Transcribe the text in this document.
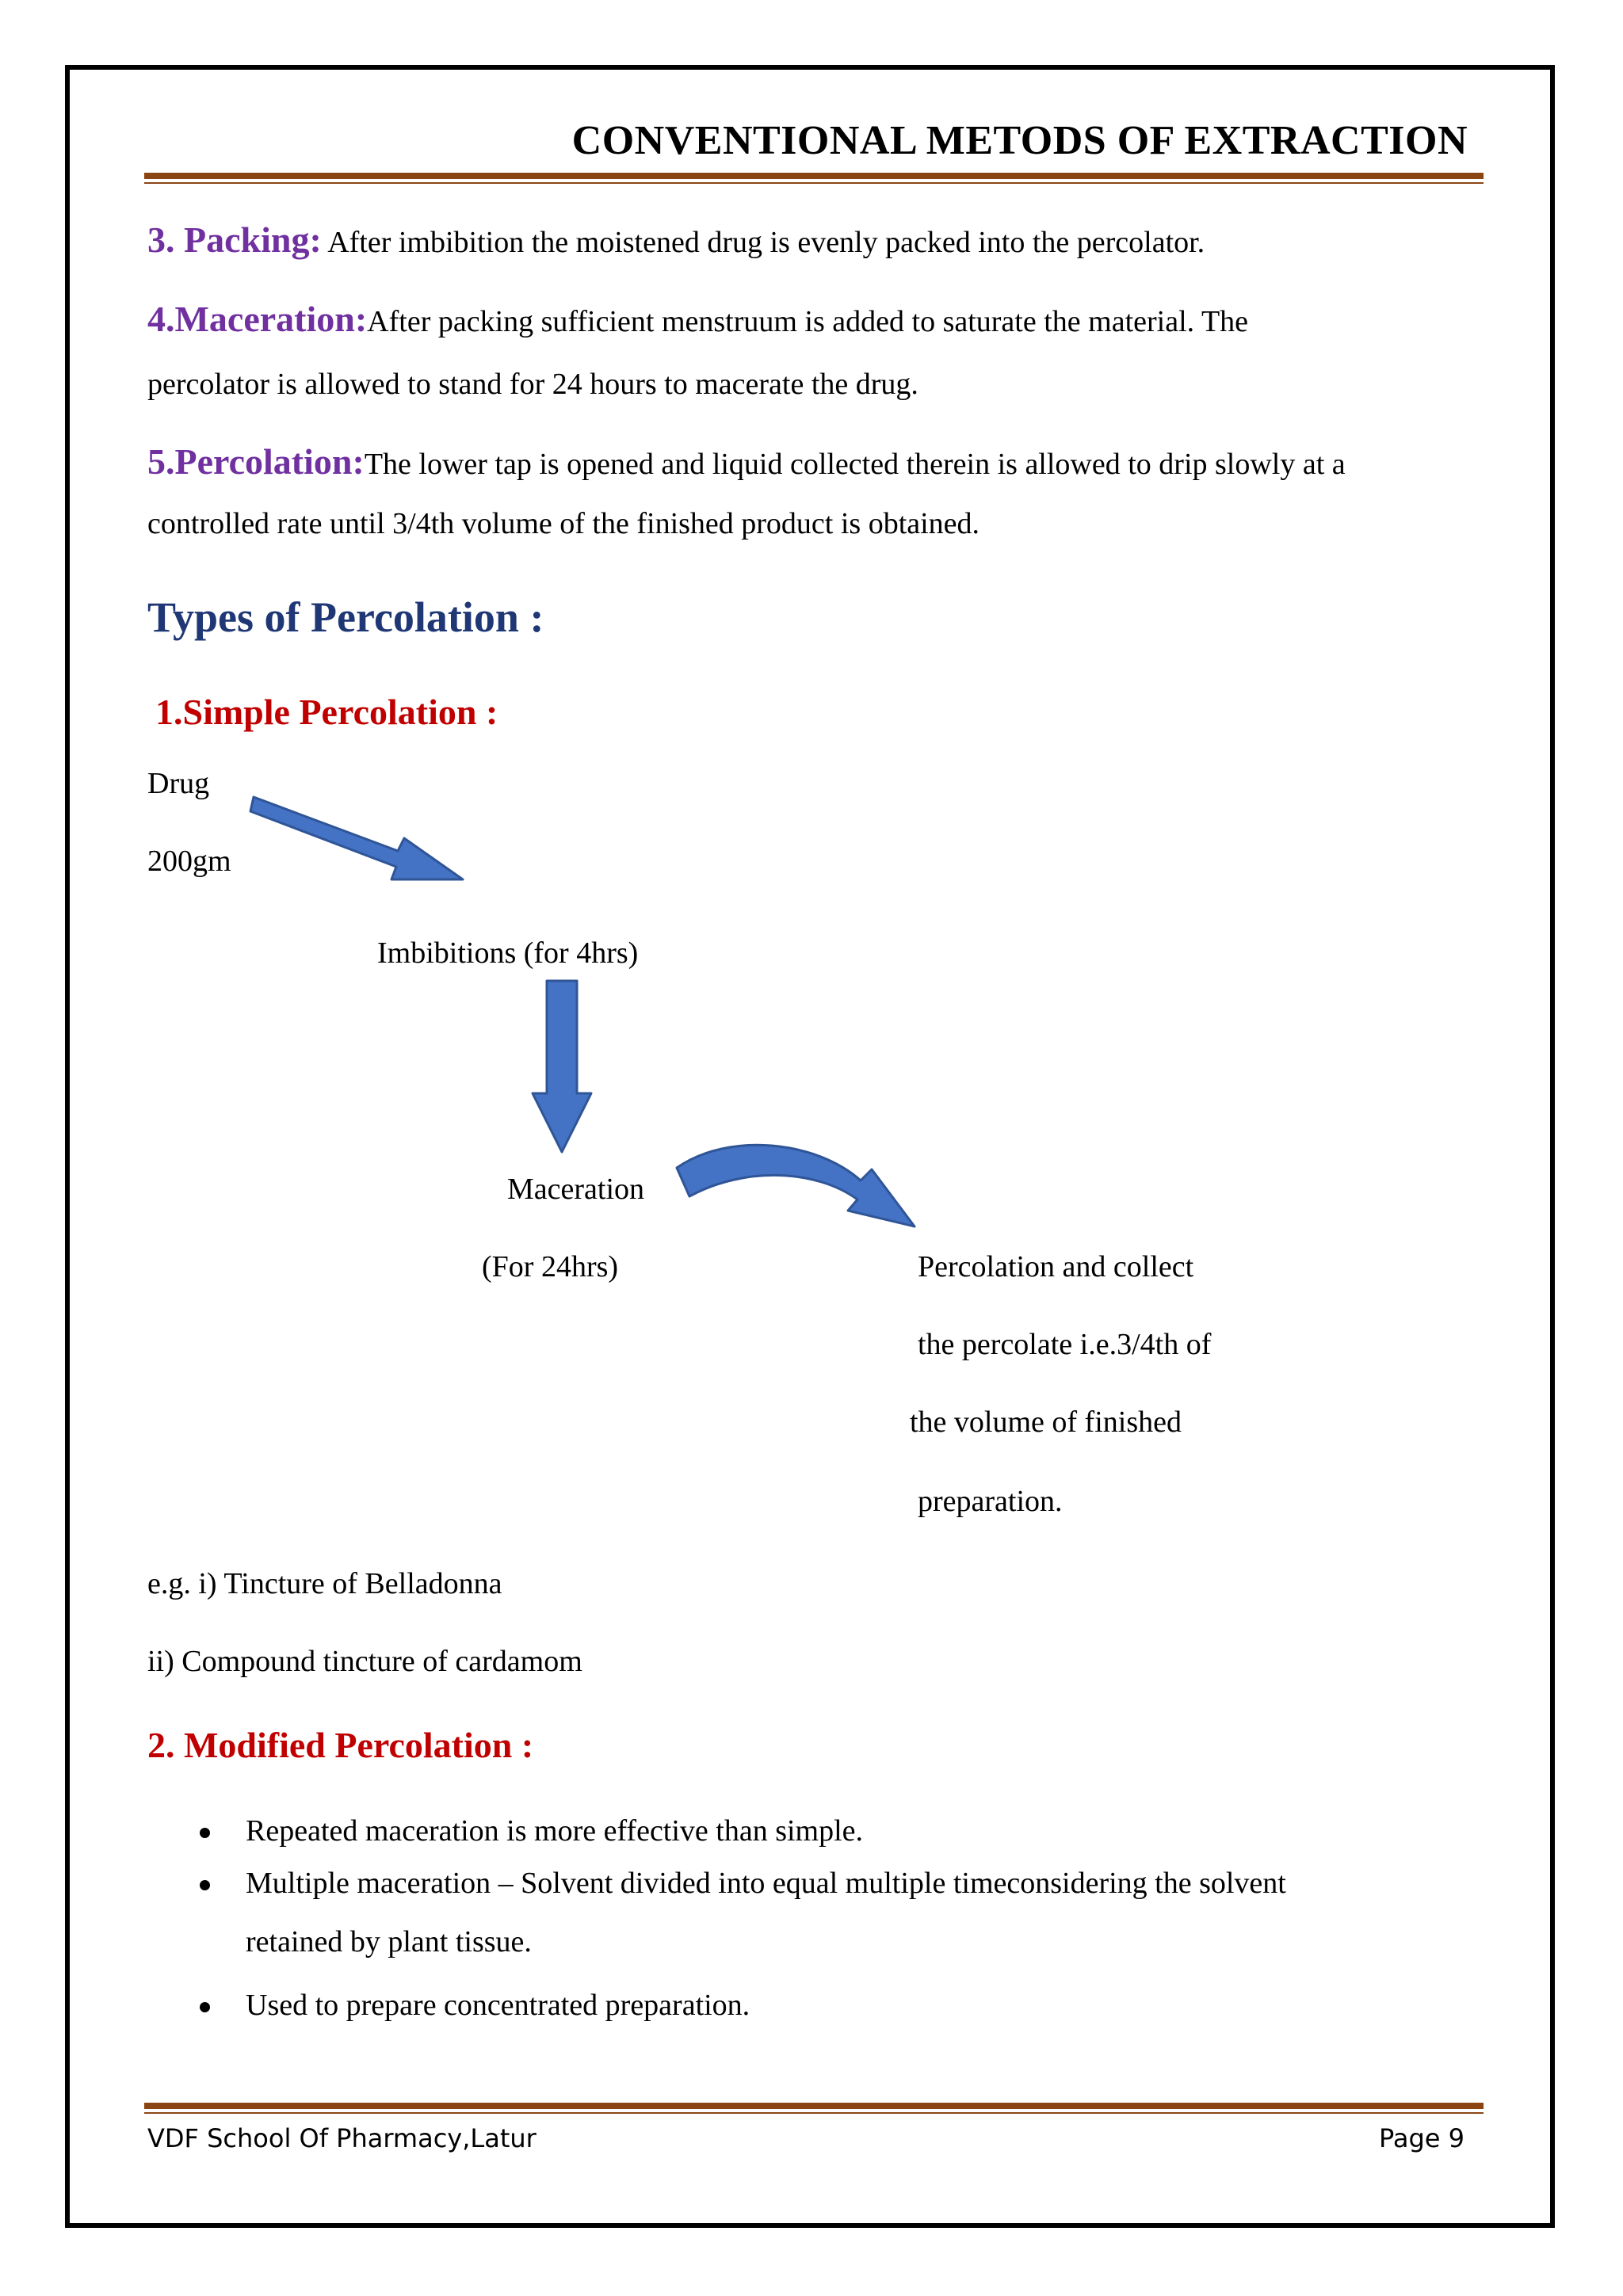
CONVENTIONAL METODS OF EXTRACTION
3. Packing: After imbibition the moistened drug is evenly packed into the percolator.
4.Maceration:After packing sufficient menstruum is added to saturate the material. The
percolator is allowed to stand for 24 hours to macerate the drug.
5.Percolation:The lower tap is opened and liquid collected therein is allowed to drip slowly at a
controlled rate until 3/4th volume of the finished product is obtained.
Types of Percolation :
1.Simple Percolation :
Drug
200gm
Imbibitions (for 4hrs)
Maceration
(For 24hrs)	Percolation and collect
the percolate i.e.3/4th of
the volume of finished
preparation.
e.g. i) Tincture of Belladonna
ii) Compound tincture of cardamom
2. Modified Percolation :
Repeated maceration is more effective than simple.
Multiple maceration – Solvent divided into equal multiple timeconsidering the solvent
retained by plant tissue.
Used to prepare concentrated preparation.
VDF School Of Pharmacy,Latur	Page 9
